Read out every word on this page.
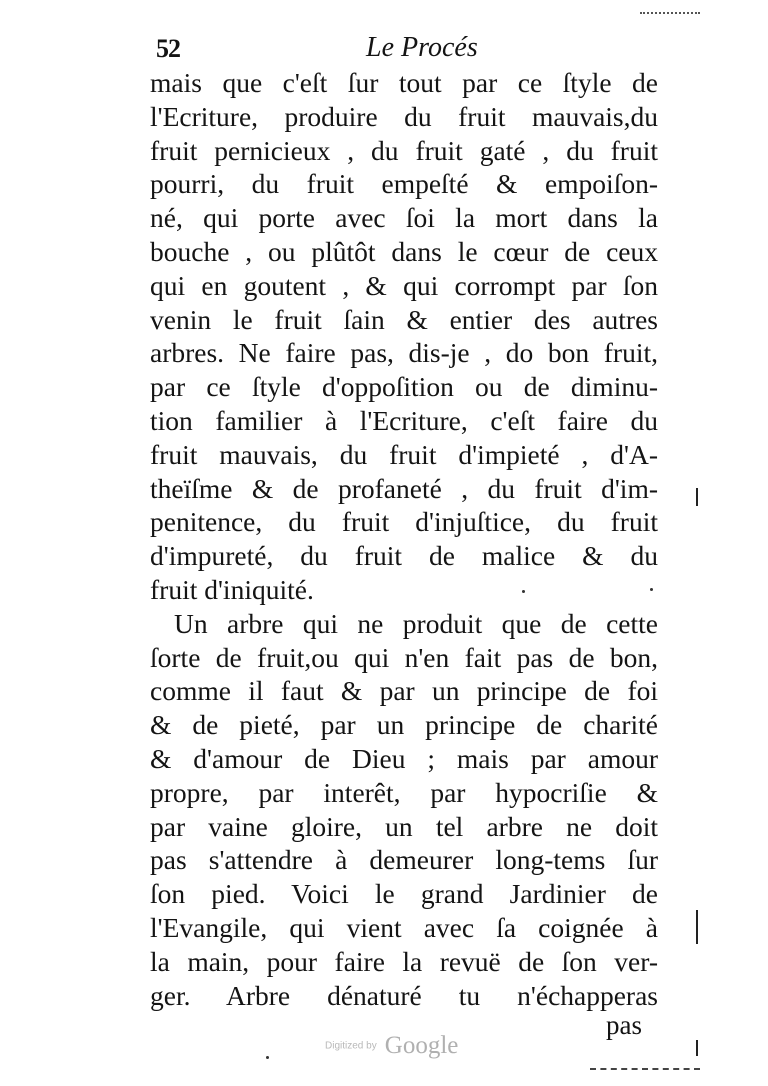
52	Le Procés
mais que c'eſt ſur tout par ce ſtyle de
l'Ecriture, produire du fruit mauvais,du
fruit pernicieux , du fruit gaté , du fruit
pourri, du fruit empeſté & empoiſon-
né, qui porte avec ſoi la mort dans la
bouche , ou plûtôt dans le cœur de ceux
qui en goutent , & qui corrompt par ſon
venin le fruit ſain & entier des autres
arbres. Ne faire pas, dis-je , do bon fruit,
par ce ſtyle d'oppoſition ou de diminu-
tion familier à l'Ecriture, c'eſt faire du
fruit mauvais, du fruit d'impieté , d'A-
theïſme & de profaneté , du fruit d'im-
penitence, du fruit d'injuſtice, du fruit
d'impureté, du fruit de malice & du
fruit d'iniquité.
Un arbre qui ne produit que de cette
ſorte de fruit,ou qui n'en fait pas de bon,
comme il faut & par un principe de foi
& de pieté, par un principe de charité
& d'amour de Dieu ; mais par amour
propre, par interêt, par hypocriſie &
par vaine gloire, un tel arbre ne doit
pas s'attendre à demeurer long-tems ſur
ſon pied. Voici le grand Jardinier de
l'Evangile, qui vient avec ſa coignée à
la main, pour faire la revuë de ſon ver-
ger. Arbre dénaturé tu n'échapperas
pas
Digitized by Google
